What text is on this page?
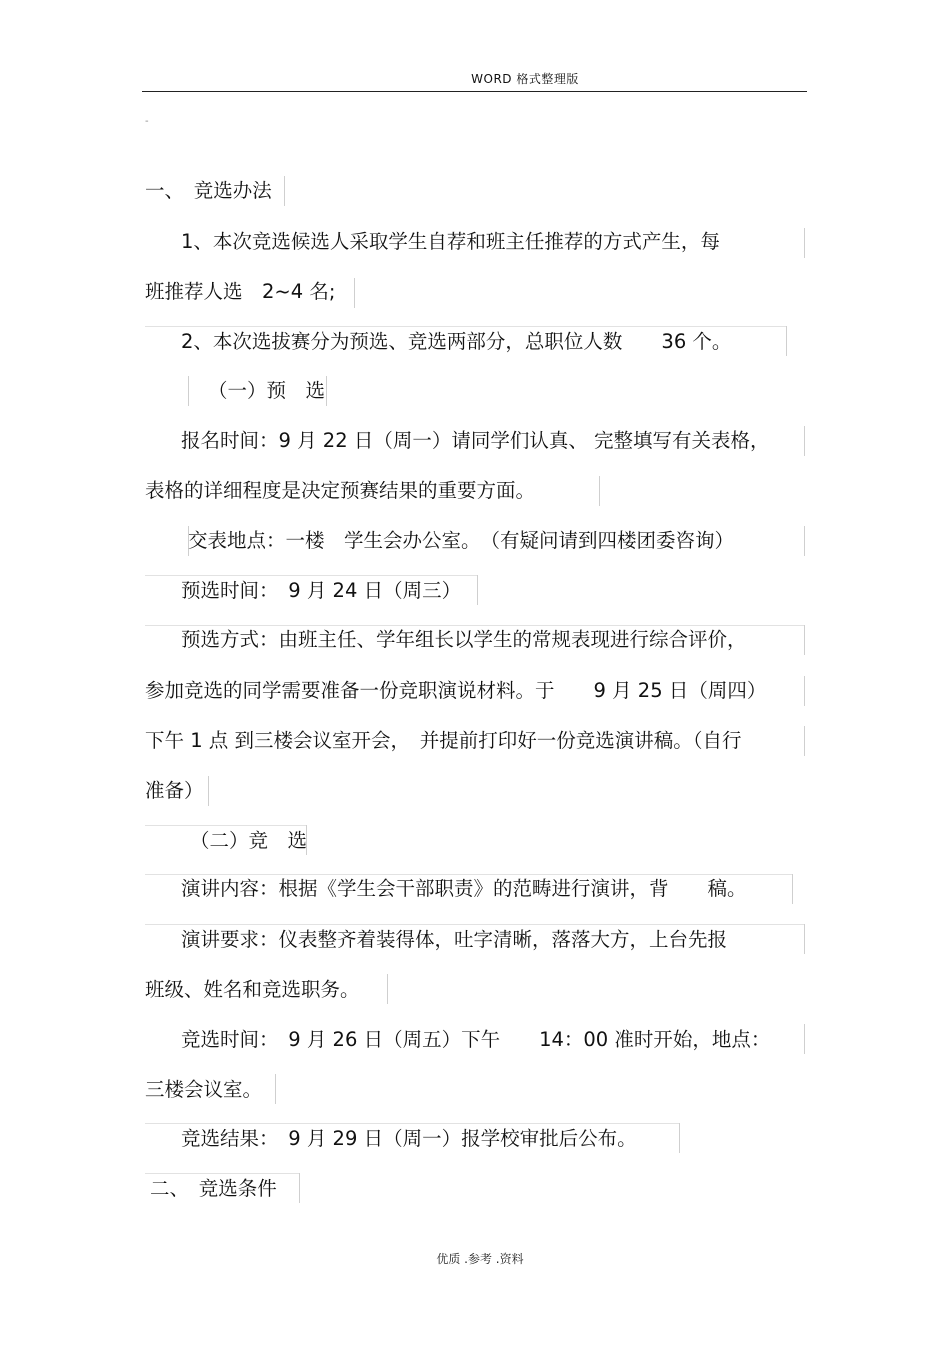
WORD 格式整理版
-
一、　竞选办法
1、本次竞选候选人采取学生自荐和班主任推荐的方式产生，每
班推荐人选　2~4 名;
2、本次选拔赛分为预选、竞选两部分，总职位人数　　36 个。
（一）预　选
报名时间：9 月 22 日（周一）请同学们认真、 完整填写有关表格，
表格的详细程度是决定预赛结果的重要方面。
交表地点：一楼　学生会办公室。　（有疑问请到四楼团委咨询）
预选时间：　9 月 24 日（周三）
预选方式：由班主任、学年组长以学生的常规表现进行综合评价，
参加竞选的同学需要准备一份竞职演说材料。于　　9 月 25 日（周四）
下午 1 点 到三楼会议室开会，　并提前打印好一份竞选演讲稿。（自行
准备）
（二）竞　选
演讲内容：根据《学生会干部职责》的范畴进行演讲，背　　稿。
演讲要求：仪表整齐着装得体，吐字清晰，落落大方，上台先报
班级、姓名和竞选职务。
竞选时间：　9 月 26 日（周五）下午　　14：00 准时开始，地点：
三楼会议室。
竞选结果：　9 月 29 日（周一）报学校审批后公布。
二、　竞选条件
优质 .参考 .资料
